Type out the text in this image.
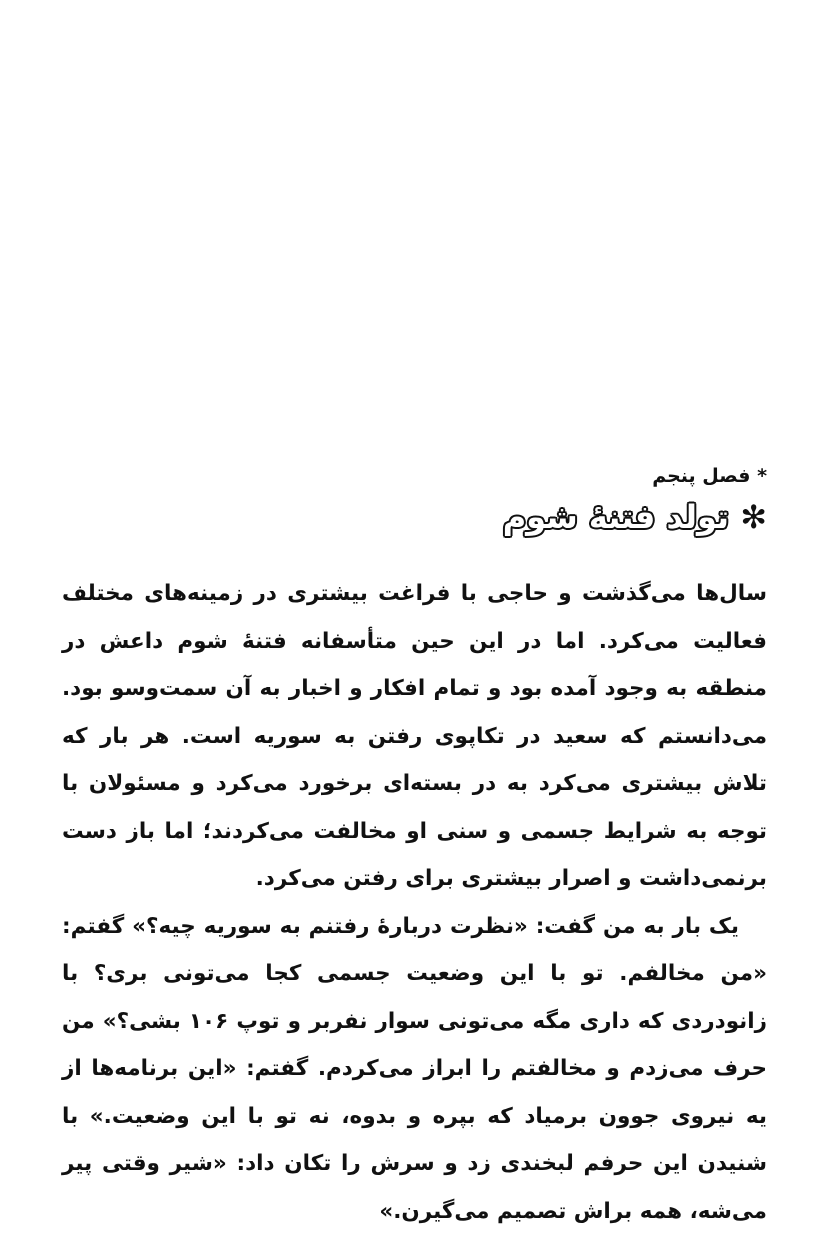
* فصل پنجم
✻ تولد فتنهٔ شوم

سال‌ها می‌گذشت و حاجی با فراغت بیشتری در زمینه‌های مختلف فعالیت می‌کرد. اما در این حین متأسفانه فتنهٔ شوم داعش در منطقه به وجود آمده بود و تمام افکار و اخبار به آن سمت‌وسو بود. می‌دانستم که سعید در تکاپوی رفتن به سوریه است. هر بار که تلاش بیشتری می‌کرد به در بسته‌ای برخورد می‌کرد و مسئولان با توجه به شرایط جسمی و سنی او مخالفت می‌کردند؛ اما باز دست برنمی‌داشت و اصرار بیشتری برای رفتن می‌کرد.

یک بار به من گفت: «نظرت دربارهٔ رفتنم به سوریه چیه؟» گفتم: «من مخالفم. تو با این وضعیت جسمی کجا می‌تونی بری؟ با زانودردی که داری مگه می‌تونی سوار نفربر و توپ ۱۰۶ بشی؟» من حرف می‌زدم و مخالفتم را ابراز می‌کردم. گفتم: «این برنامه‌ها از یه نیروی جوون برمیاد که بپره و بدوه، نه تو با این وضعیت.» با شنیدن این حرفم لبخندی زد و سرش را تکان داد: «شیر وقتی پیر می‌شه، همه براش تصمیم می‌گیرن.»
